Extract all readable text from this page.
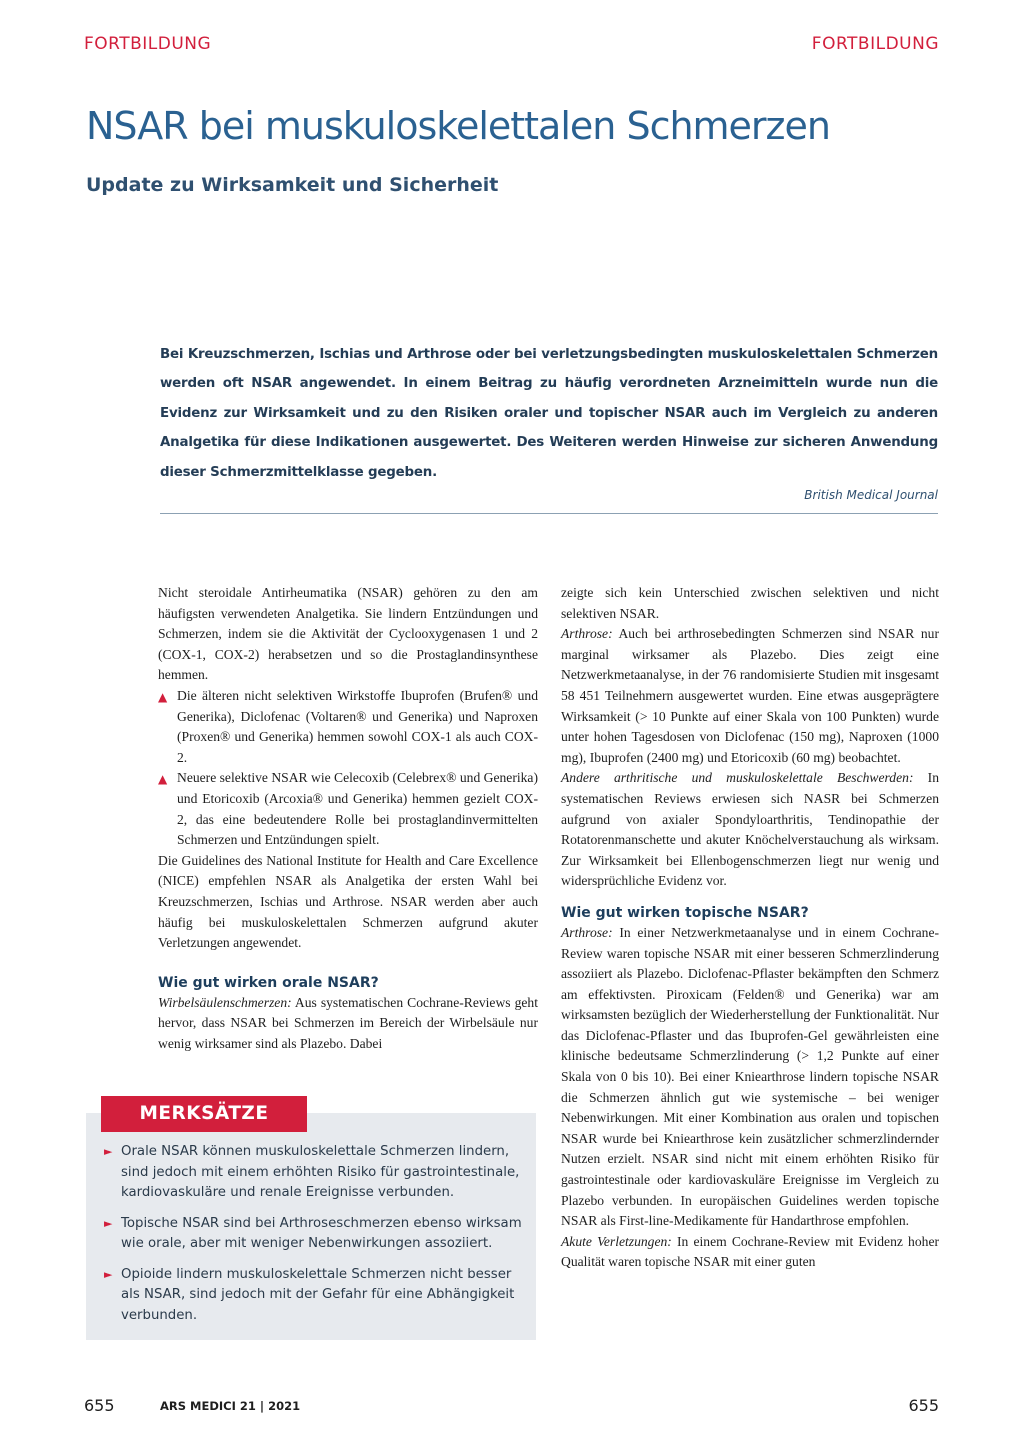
FORTBILDUNG	FORTBILDUNG
NSAR bei muskuloskelettalen Schmerzen
Update zu Wirksamkeit und Sicherheit

Bei Kreuzschmerzen, Ischias und Arthrose oder bei verletzungsbedingten muskuloskelettalen Schmerzen werden oft NSAR angewendet. In einem Beitrag zu häufig verordneten Arzneimitteln wurde nun die Evidenz zur Wirksamkeit und zu den Risiken oraler und topischer NSAR auch im Vergleich zu anderen Analgetika für diese Indikationen ausgewertet. Des Weiteren werden Hinweise zur sicheren Anwendung dieser Schmerzmittelklasse gegeben.

British Medical Journal

Nicht steroidale Antirheumatika (NSAR) gehören zu den am häufigsten verwendeten Analgetika. Sie lindern Entzündungen und Schmerzen, indem sie die Aktivität der Cyclooxygenasen 1 und 2 (COX-1, COX-2) herabsetzen und so die Prostaglandinsynthese hemmen.

▲ Die älteren nicht selektiven Wirkstoffe Ibuprofen (Brufen® und Generika), Diclofenac (Voltaren® und Generika) und Naproxen (Proxen® und Generika) hemmen sowohl COX-1 als auch COX-2.
▲ Neuere selektive NSAR wie Celecoxib (Celebrex® und Generika) und Etoricoxib (Arcoxia® und Generika) hemmen gezielt COX-2, das eine bedeutendere Rolle bei prostaglandinvermittelten Schmerzen und Entzündungen spielt.

Die Guidelines des National Institute for Health and Care Excellence (NICE) empfehlen NSAR als Analgetika der ersten Wahl bei Kreuzschmerzen, Ischias und Arthrose. NSAR werden aber auch häufig bei muskuloskelettalen Schmerzen aufgrund akuter Verletzungen angewendet.

Wie gut wirken orale NSAR?

Wirbelsäulenschmerzen: Aus systematischen Cochrane-Reviews geht hervor, dass NSAR bei Schmerzen im Bereich der Wirbelsäule nur wenig wirksamer sind als Plazebo. Dabei

zeigte sich kein Unterschied zwischen selektiven und nicht selektiven NSAR.

Arthrose: Auch bei arthrosebedingten Schmerzen sind NSAR nur marginal wirksamer als Plazebo. Dies zeigt eine Netzwerkmetaanalyse, in der 76 randomisierte Studien mit insgesamt 58 451 Teilnehmern ausgewertet wurden. Eine etwas ausgeprägtere Wirksamkeit (> 10 Punkte auf einer Skala von 100 Punkten) wurde unter hohen Tagesdosen von Diclofenac (150 mg), Naproxen (1000 mg), Ibuprofen (2400 mg) und Etoricoxib (60 mg) beobachtet.

Andere arthritische und muskuloskelettale Beschwerden: In systematischen Reviews erwiesen sich NASR bei Schmerzen aufgrund von axialer Spondyloarthritis, Tendinopathie der Rotatorenmanschette und akuter Knöchelverstauchung als wirksam. Zur Wirksamkeit bei Ellenbogenschmerzen liegt nur wenig und widersprüchliche Evidenz vor.

Wie gut wirken topische NSAR?

Arthrose: In einer Netzwerkmetaanalyse und in einem Cochrane-Review waren topische NSAR mit einer besseren Schmerzlinderung assoziiert als Plazebo. Diclofenac-Pflaster bekämpften den Schmerz am effektivsten. Piroxicam (Felden® und Generika) war am wirksamsten bezüglich der Wiederherstellung der Funktionalität. Nur das Diclofenac-Pflaster und das Ibuprofen-Gel gewährleisten eine klinische bedeutsame Schmerzlinderung (> 1,2 Punkte auf einer Skala von 0 bis 10). Bei einer Kniearthrose lindern topische NSAR die Schmerzen ähnlich gut wie systemische – bei weniger Nebenwirkungen. Mit einer Kombination aus oralen und topischen NSAR wurde bei Kniearthrose kein zusätzlicher schmerzlindernder Nutzen erzielt. NSAR sind nicht mit einem erhöhten Risiko für gastrointestinale oder kardiovaskuläre Ereignisse im Vergleich zu Plazebo verbunden. In europäischen Guidelines werden topische NSAR als First-line-Medikamente für Handarthrose empfohlen.

Akute Verletzungen: In einem Cochrane-Review mit Evidenz hoher Qualität waren topische NSAR mit einer guten

MERKSÄTZE
► Orale NSAR können muskuloskelettale Schmerzen lindern, sind jedoch mit einem erhöhten Risiko für gastrointestinale, kardiovaskuläre und renale Ereignisse verbunden.
► Topische NSAR sind bei Arthroseschmerzen ebenso wirksam wie orale, aber mit weniger Nebenwirkungen assoziiert.
► Opioide lindern muskuloskelettale Schmerzen nicht besser als NSAR, sind jedoch mit der Gefahr für eine Abhängigkeit verbunden.
655	ARS MEDICI 21 | 2021	655
